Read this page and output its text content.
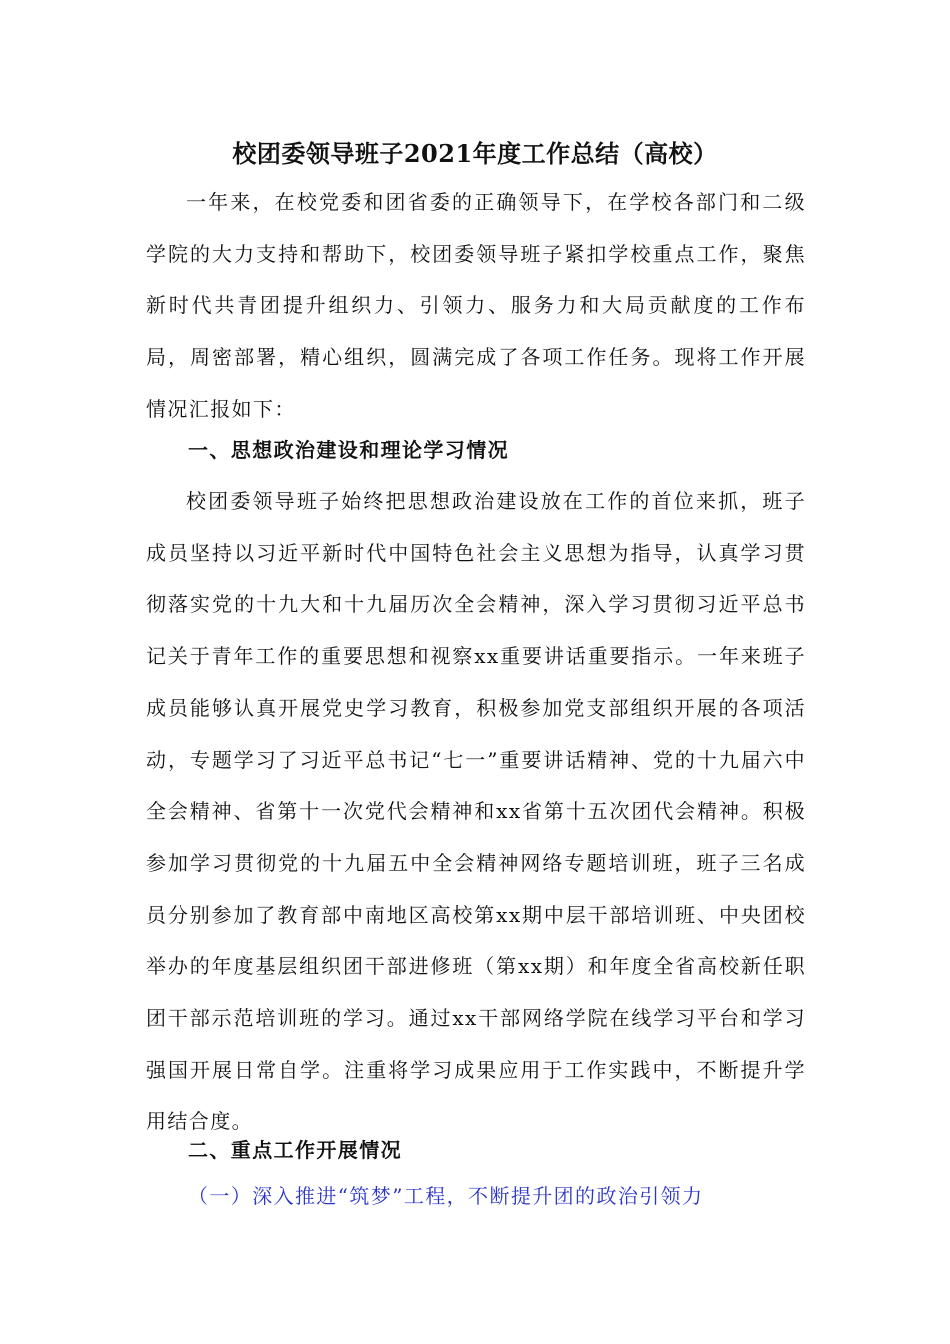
校团委领导班子2021年度工作总结（高校）
一年来，在校党委和团省委的正确领导下，在学校各部门和二级学院的大力支持和帮助下，校团委领导班子紧扣学校重点工作，聚焦新时代共青团提升组织力、引领力、服务力和大局贡献度的工作布局，周密部署，精心组织，圆满完成了各项工作任务。现将工作开展情况汇报如下：
一、思想政治建设和理论学习情况
校团委领导班子始终把思想政治建设放在工作的首位来抓，班子成员坚持以习近平新时代中国特色社会主义思想为指导，认真学习贯彻落实党的十九大和十九届历次全会精神，深入学习贯彻习近平总书记关于青年工作的重要思想和视察xx重要讲话重要指示。一年来班子成员能够认真开展党史学习教育，积极参加党支部组织开展的各项活动，专题学习了习近平总书记“七一”重要讲话精神、党的十九届六中全会精神、省第十一次党代会精神和xx省第十五次团代会精神。积极参加学习贯彻党的十九届五中全会精神网络专题培训班，班子三名成员分别参加了教育部中南地区高校第xx期中层干部培训班、中央团校举办的年度基层组织团干部进修班（第xx期）和年度全省高校新任职团干部示范培训班的学习。通过xx干部网络学院在线学习平台和学习强国开展日常自学。注重将学习成果应用于工作实践中，不断提升学用结合度。
二、重点工作开展情况
（一）深入推进“筑梦”工程，不断提升团的政治引领力
